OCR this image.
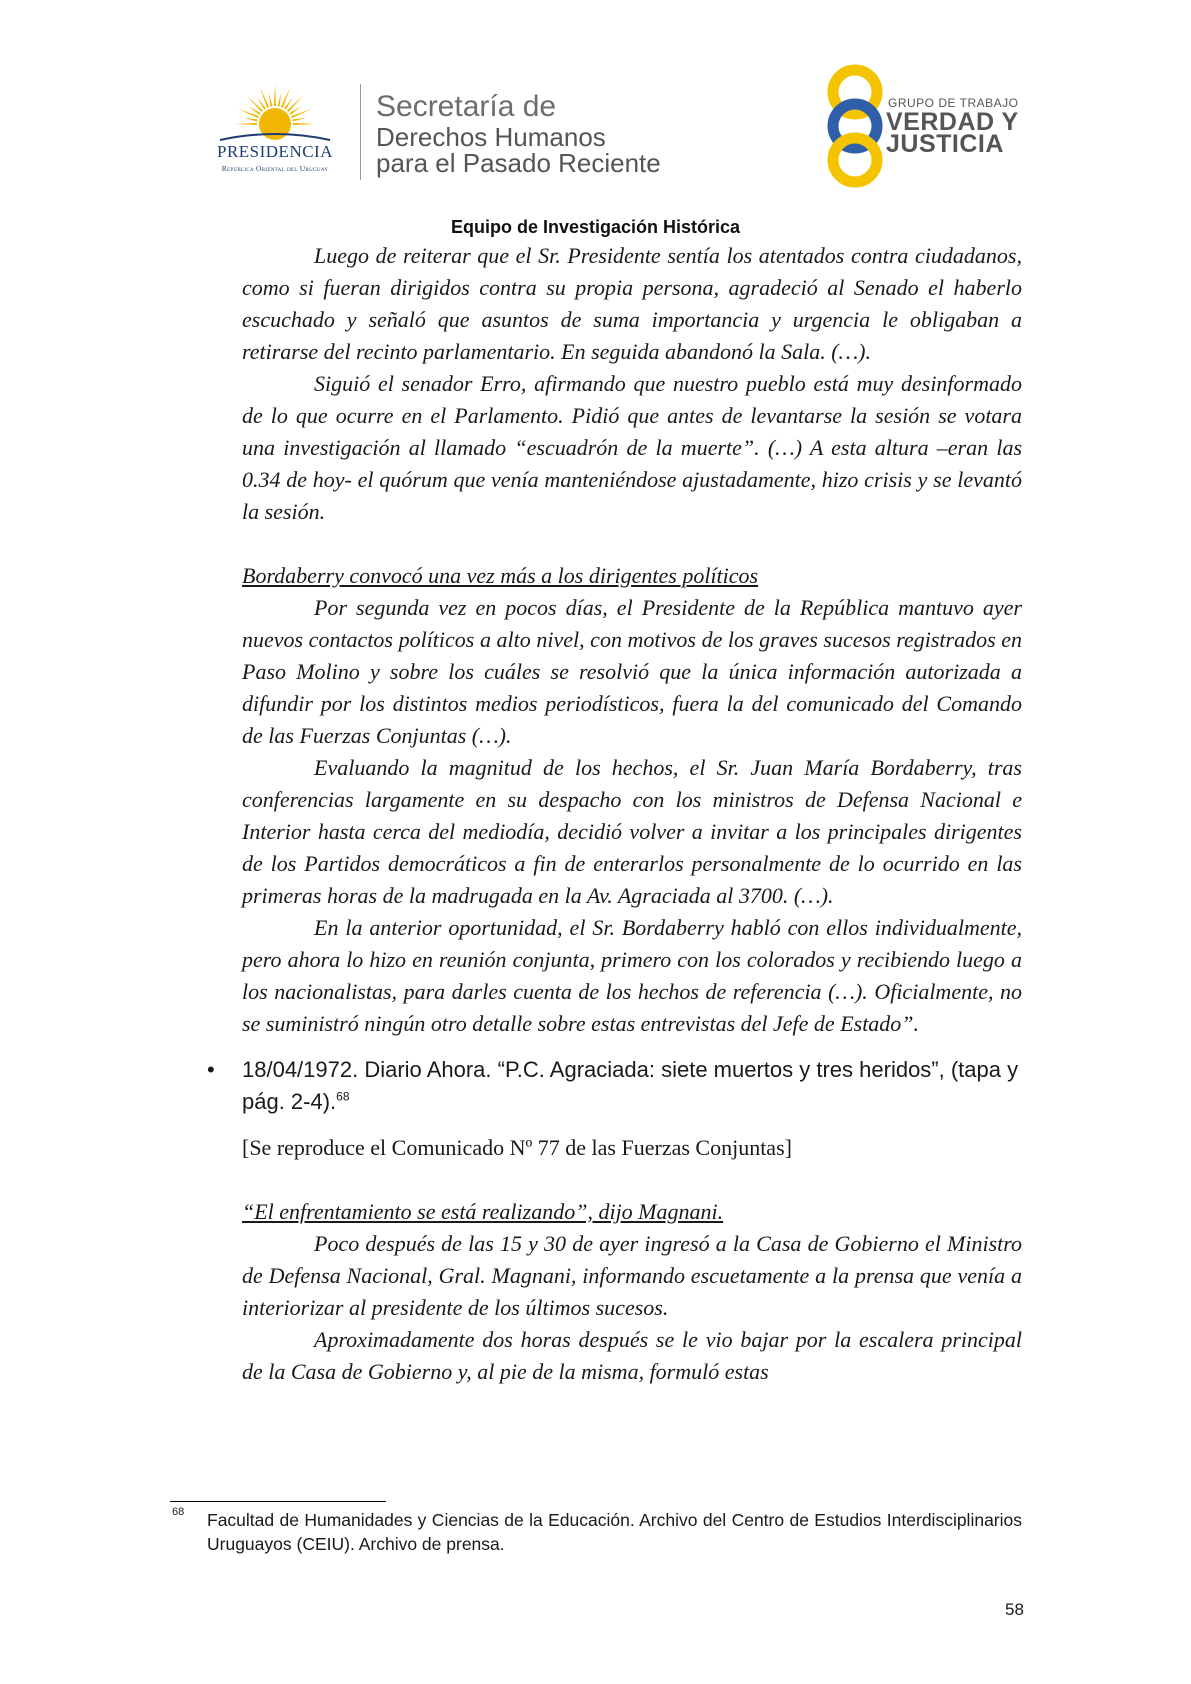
PRESIDENCIA
República Oriental del Uruguay
Secretaría de
Derechos Humanos
para el Pasado Reciente
GRUPO DE TRABAJO
VERDAD Y
JUSTICIA
Equipo de Investigación Histórica

Luego de reiterar que el Sr. Presidente sentía los atentados contra ciudadanos, como si fueran dirigidos contra su propia persona, agradeció al Senado el haberlo escuchado y señaló que asuntos de suma importancia y urgencia le obligaban a retirarse del recinto parlamentario. En seguida abandonó la Sala. (…).

Siguió el senador Erro, afirmando que nuestro pueblo está muy desinformado de lo que ocurre en el Parlamento. Pidió que antes de levantarse la sesión se votara una investigación al llamado “escuadrón de la muerte”. (…) A esta altura –eran las 0.34 de hoy- el quórum que venía manteniéndose ajustadamente, hizo crisis y se levantó la sesión.

Bordaberry convocó una vez más a los dirigentes políticos

Por segunda vez en pocos días, el Presidente de la República mantuvo ayer nuevos contactos políticos a alto nivel, con motivos de los graves sucesos registrados en Paso Molino y sobre los cuáles se resolvió que la única información autorizada a difundir por los distintos medios periodísticos, fuera la del comunicado del Comando de las Fuerzas Conjuntas (…).

Evaluando la magnitud de los hechos, el Sr. Juan María Bordaberry, tras conferencias largamente en su despacho con los ministros de Defensa Nacional e Interior hasta cerca del mediodía, decidió volver a invitar a los principales dirigentes de los Partidos democráticos a fin de enterarlos personalmente de lo ocurrido en las primeras horas de la madrugada en la Av. Agraciada al 3700. (…).

En la anterior oportunidad, el Sr. Bordaberry habló con ellos individualmente, pero ahora lo hizo en reunión conjunta, primero con los colorados y recibiendo luego a los nacionalistas, para darles cuenta de los hechos de referencia (…). Oficialmente, no se suministró ningún otro detalle sobre estas entrevistas del Jefe de Estado”.

• 18/04/1972. Diario Ahora. “P.C. Agraciada: siete muertos y tres heridos”, (tapa y pág. 2-4).$^{68}$

[Se reproduce el Comunicado Nº 77 de las Fuerzas Conjuntas]

“El enfrentamiento se está realizando”, dijo Magnani.

Poco después de las 15 y 30 de ayer ingresó a la Casa de Gobierno el Ministro de Defensa Nacional, Gral. Magnani, informando escuetamente a la prensa que venía a interiorizar al presidente de los últimos sucesos.

Aproximadamente dos horas después se le vio bajar por la escalera principal de la Casa de Gobierno y, al pie de la misma, formuló estas

68 Facultad de Humanidades y Ciencias de la Educación. Archivo del Centro de Estudios Interdisciplinarios Uruguayos (CEIU). Archivo de prensa.
58
